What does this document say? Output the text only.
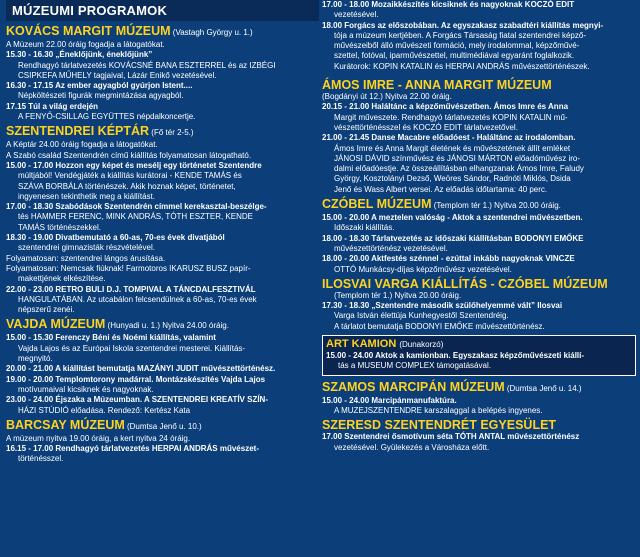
MÚZEUMI PROGRAMOK
KOVÁCS MARGIT MÚZEUM (Vastagh György u. 1.)
A Múzeum 22.00 óráig fogadja a látogatókat.
15.30 - 16.30 „Éneklőjünk, éneklőjünk”
Rendhagyó tárlatvezetés KOVÁCSNÉ BANA ESZTERREL és az IZBÉGI
CSIPKEFA MŰHELY tagjaival, Lázár Enikő vezetésével.
16.30 - 17.15 Az ember agyagból gyúrjon Istent....
Népköltészeti figurák megmintázása agyagból.
17.15 Túl a világ erdején
A FENYŐ-CSILLAG EGYÜTTES népdalkoncertje.
SZENTENDREI KÉPTÁR (Fő tér 2-5.)
A Képtár 24.00 óráig fogadja a látogatókat.
A Szabó család Szentendrén című kiállítás folyamatosan látogatható.
15.00 - 17.00 Hozzon egy képet és mesélj egy történetet Szentendre
múltjából! Vendégjáték a kiállítás kurátorai - KENDE TAMÁS és
SZÁVA BORBÁLA történészek. Akik hoznak képet, történetet,
ingyenesen tekinthetik meg a kiállítást.
17.00 - 18.30 Szabódások Szentendrén címmel kerekasztal-beszélge-
tés HAMMER FERENC, MINK ANDRÁS, TÓTH ESZTER, KENDE
TAMÁS történészekkel.
18.30 - 19.00 Divatbemutató a 60-as, 70-es évek divatjából
szentendrei gimnazisták részvételével.
Folyamatosan: szentendrei lángos árusítása.
Folyamatosan: Nemcsak fiúknak! Farmotoros IKARUSZ BUSZ papír-
makettjének elkészítése.
22.00 - 23.00 RETRO BULI D.J. TOMPIVAL A TÁNCDALFESZTIVÁL
HANGULATÁBAN. Az utcabálon felcsendülnek a 60-as, 70-es évek
népszerű zenéi.
VAJDA MÚZEUM (Hunyadi u. 1.) Nyitva 24.00 óráig.
15.00 - 15.30 Ferenczy Béni és Noémi kiállítás, valamint
Vajda Lajos és az Európai Iskola szentendrei mesterei. Kiállítás-
megnyitó.
20.00 - 21.00 A kiállítást bemutatja MAZÁNYI JUDIT művészettörténész.
19.00 - 20.00 Templomtorony madárral. Montázskészítés Vajda Lajos
motívumaival kicsiknek és nagyoknak.
23.00 - 24.00 Éjszaka a Múzeumban. A SZENTENDREI KREATÍV SZÍN-
HÁZI STÚDIÓ előadása. Rendező: Kertész Kata
BARCSAY MÚZEUM (Dumtsa Jenő u. 10.)
A múzeum nyitva 19.00 óráig, a kert nyitva 24 óráig.
16.15 - 17.00 Rendhagyó tárlatvezetés HERPAI ANDRÁS művészet-
történésszel.
17.00 - 18.00 Mozaikkészítés kicsiknek és nagyoknak KOCZÓ EDIT
vezetésével.
18.00 Forgács az előszobában. Az egyszakasz szabadtéri kiállítás megnyi-
tója a múzeum kertjében. A Forgács Társaság fiatal szentendrei képző-
művészeiből álló művészeti formáció, mely irodalommal, képzőművé-
szettel, fotóval, iparművészettel, multimédiával egyaránt foglalkozik.
Kurátorok: KOPIN KATALIN és HERPAI ANDRÁS művészettörténészek.
ÁMOS IMRE - ANNA MARGIT MÚZEUM
(Bogdányi út 12.) Nyitva 22.00 óráig.
20.15 - 21.00 Haláltánc a képzőművészetben. Ámos Imre és Anna
Margit műveszete. Rendhagyó tárlatvezetés KOPIN KATALIN mű-
vészettörténésszel és KOCZÓ EDIT tárlatvezetővel.
21.00 - 21.45 Danse Macabre előadóest - Haláltánc az irodalomban.
Ámos Imre és Anna Margit életének és művészetének állít emléket
JÁNOSI DÁVID színművész és JÁNOSI MÁRTON előadóművész iro-
dalmi előadóestje. Az összeállításban elhangzanak Ámos Imre, Faludy
György, Kosztolányi Dezső, Weöres Sándor, Radnóti Miklós, Dsida
Jenő és Wass Albert versei. Az előadás időtartama: 40 perc.
CZÓBEL MÚZEUM (Templom tér 1.) Nyitva 20.00 óráig.
15.00 - 20.00 A meztelen valóság - Aktok a szentendrei művészetben.
Időszaki kiállítás.
18.00 - 18.30 Tárlatvezetés az időszaki kiállításban BODONYI EMŐKE
művészettörténész vezetésével.
18.00 - 20.00 Aktfestés szénnel - ezúttal inkább nagyoknak VINCZE
OTTÓ Munkácsy-díjas képzőművész vezetésével.
ILOSVAI VARGA KIÁLLÍTÁS - CZÓBEL MÚZEUM
(Templom tér 1.) Nyitva 20.00 óráig.
17.30 - 18.30 „Szentendre második szülőhelyemmé vált” Ilosvai
Varga István élettúja Kunhegyestől Szentendréig.
A tárlatot bemutatja BODONYI EMŐKE művészettörténész.
ART KAMION (Dunakorzó)
15.00 - 24.00 Aktok a kamionban. Egyszakasz képzőművészeti kiállí-
tás a MUSEUM COMPLEX támogatásával.
SZAMOS MARCIPÁN MÚZEUM (Dumtsa Jenő u. 14.)
15.00 - 24.00 Marcipánmanufaktúra.
A MUZEJSZENTENDRE karszalaggal a belépés ingyenes.
SZERESD SZENTENDRÉT EGYESÜLET
17.00 Szentendrei ősmotívum séta TÓTH ANTAL művészettörténész
vezetésével. Gyülekezés a Városháza előtt.
